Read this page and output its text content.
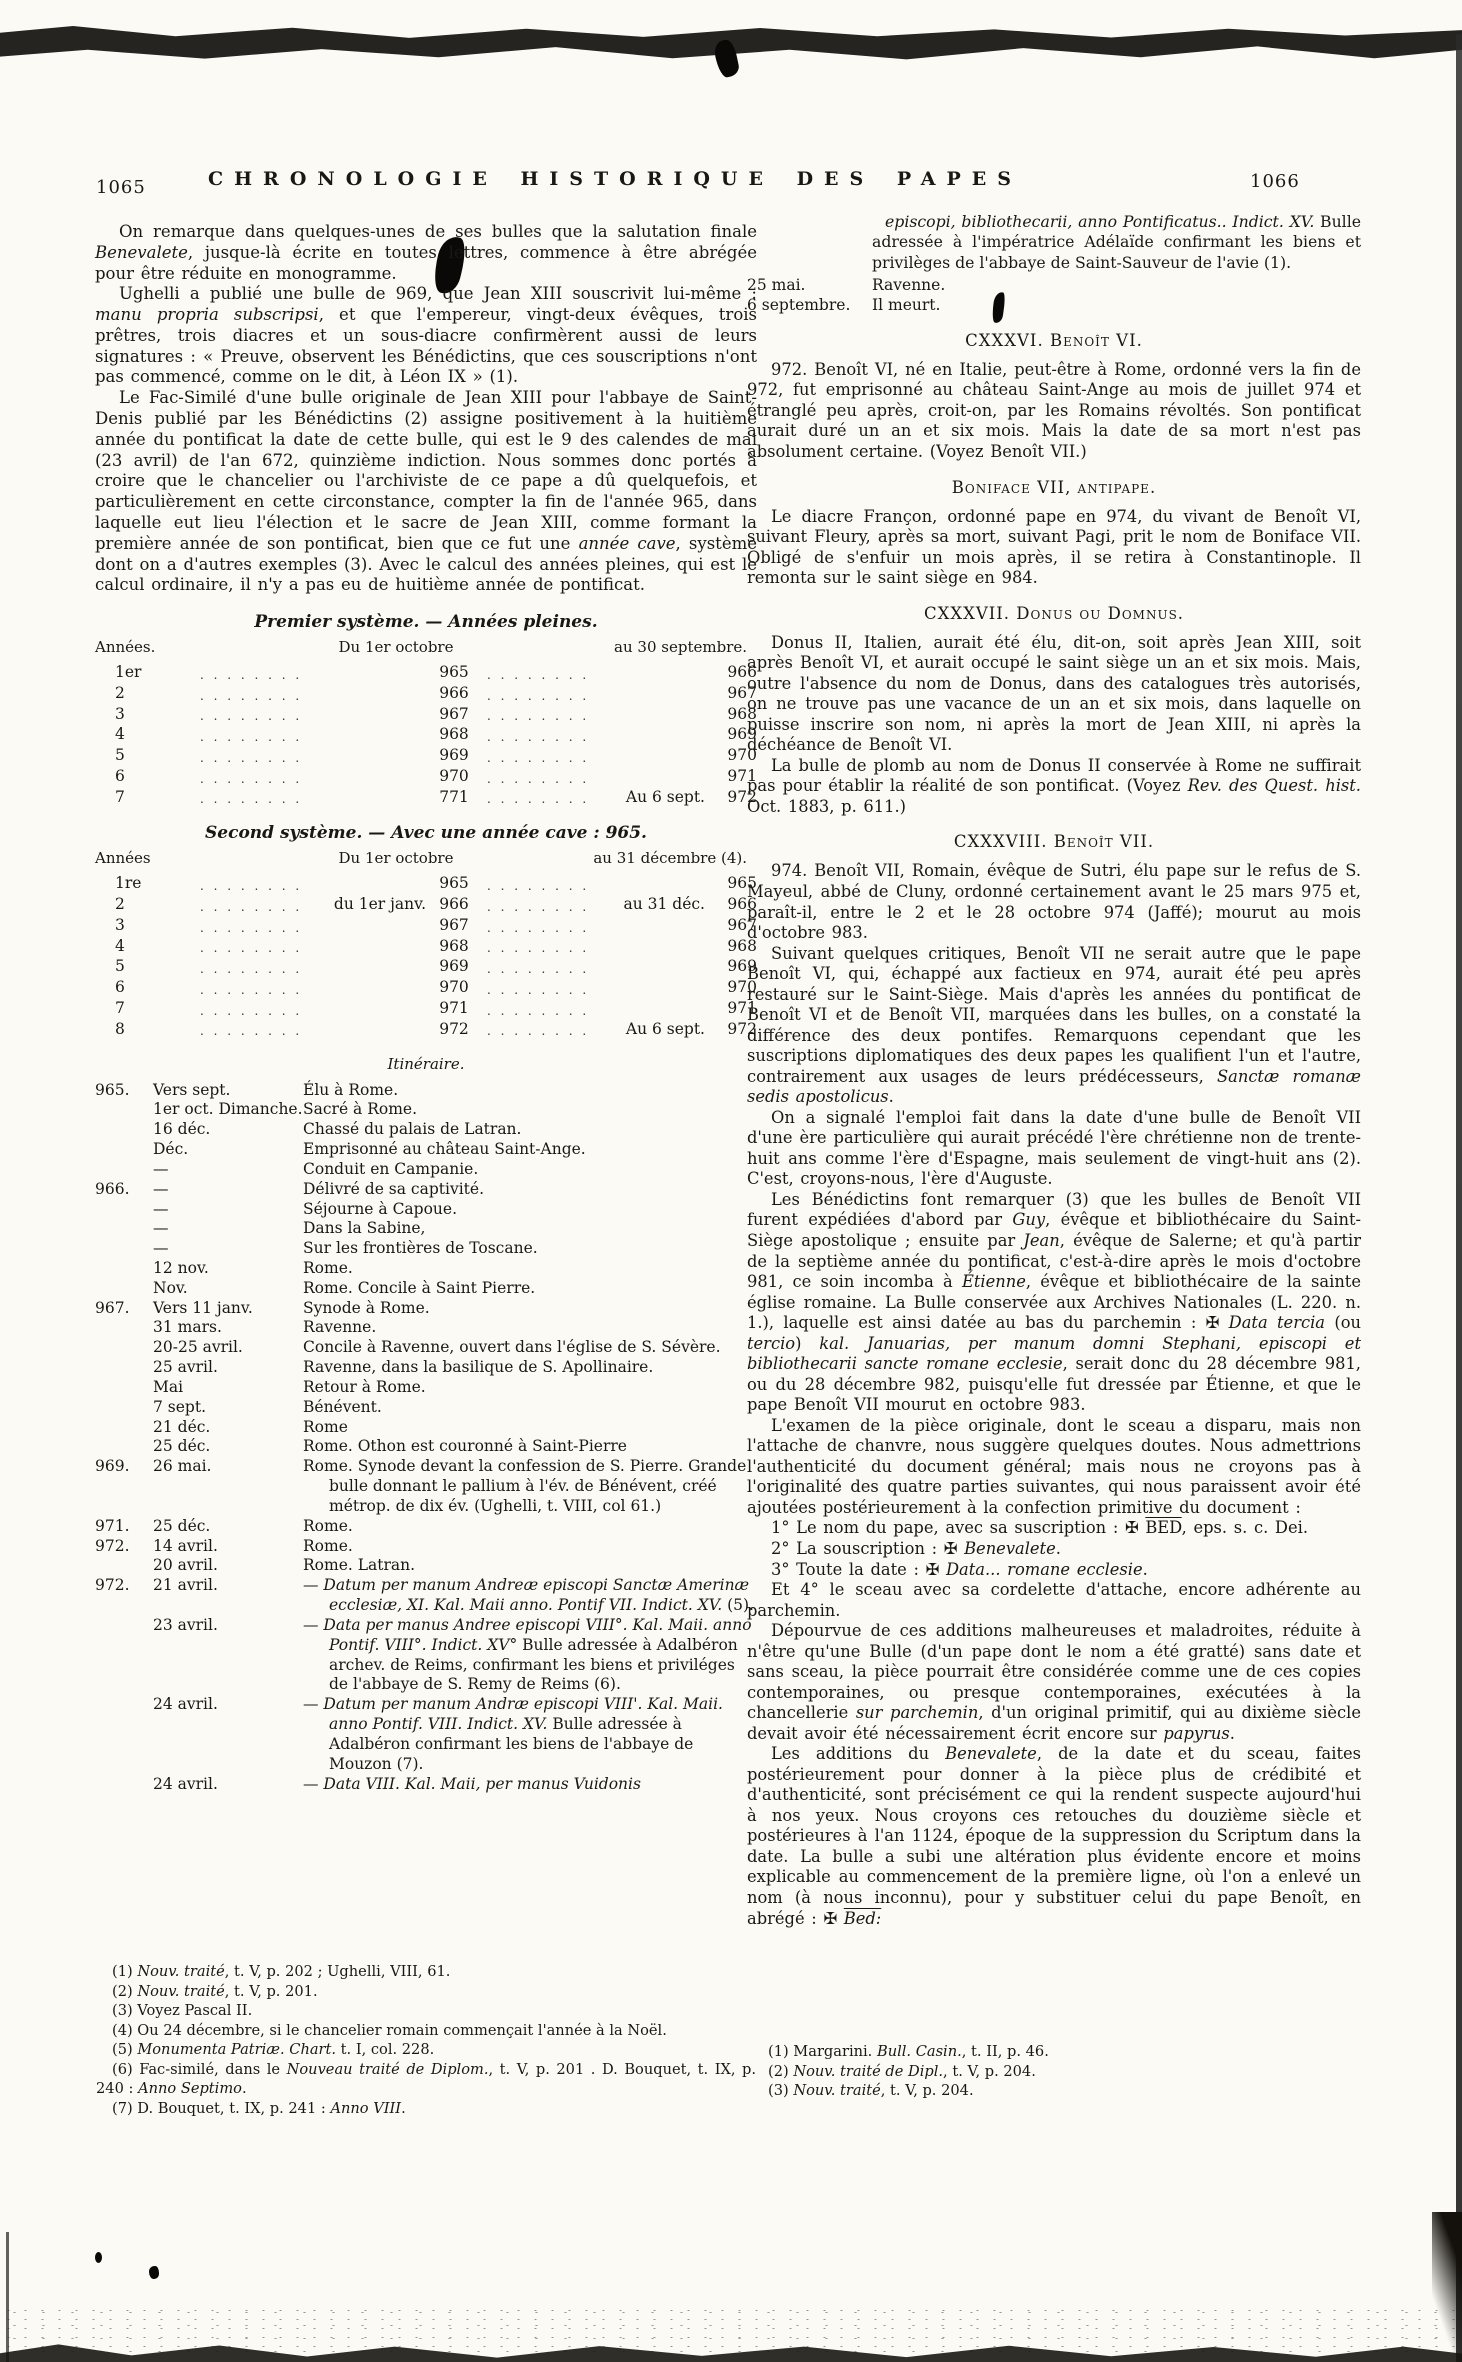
1065	CHRONOLOGIE HISTORIQUE DES PAPES	1066

On remarque dans quelques-unes de ses bulles que la salutation finale Benevalete, jusque-là écrite en toutes lettres, commence à être abrégée pour être réduite en monogramme.

Ughelli a publié une bulle de 969, que Jean XIII souscrivit lui-même : manu propria subscripsi, et que l'empereur, vingt-deux évêques, trois prêtres, trois diacres et un sous-diacre confirmèrent aussi de leurs signatures : « Preuve, observent les Bénédictins, que ces souscriptions n'ont pas commencé, comme on le dit, à Léon IX » (1).

Le Fac-Similé d'une bulle originale de Jean XIII pour l'abbaye de Saint-Denis publié par les Bénédictins (2) assigne positivement à la huitième année du pontificat la date de cette bulle, qui est le 9 des calendes de mai (23 avril) de l'an 672, quinzième indiction. Nous sommes donc portés à croire que le chancelier ou l'archiviste de ce pape a dû quelquefois, et particulièrement en cette circonstance, compter la fin de l'année 965, dans laquelle eut lieu l'élection et le sacre de Jean XIII, comme formant la première année de son pontificat, bien que ce fut une année cave, système dont on a d'autres exemples (3). Avec le calcul des années pleines, qui est le calcul ordinaire, il n'y a pas eu de huitième année de pontificat.

Premier système. — Années pleines.
Années.	Du 1er octobre	au 30 septembre.
1er . . .	965 . . .	966
2 . . .	966 . . .	967
3 . . .	967 . . .	968
4 . . .	968 . . .	969
5 . . .	969 . . .	970
6 . . .	970 . . .	971
7 . . .	771 . . .	Au 6 sept.	972
Second système. — Avec une année cave : 965.
Années	Du 1er octobre	au 31 décembre (4).
1re . . .	965 . . .	965
2 . . .	du 1er janv. 966 . . .	au 31 déc.	966
3 . . .	967 . . .	967
4 . . .	968 . . .	968
5 . . .	969 . . .	969
6 . . .	970 . . .	970
7 . . .	971 . . .	971
8 . . .	972 . . .	Au 6 sept.	972
Itinéraire.
965.	Vers sept.	Élu à Rome.
1er oct. Dimanche. Sacré à Rome.
16 déc.	Chassé du palais de Latran.
Déc.	Emprisonné au château Saint-Ange.
—	Conduit en Campanie.
966.	—	Délivré de sa captivité.
—	Séjourne à Capoue.
—	Dans la Sabine,
—	Sur les frontières de Toscane.
12 nov.	Rome.
Nov.	Rome. Concile à Saint Pierre.
967.	Vers 11 janv.	Synode à Rome.
31 mars.	Ravenne.
20-25 avril.	Concile à Ravenne, ouvert dans l'église de S. Sévère.
25 avril.	Ravenne, dans la basilique de S. Apollinaire.
Mai	Retour à Rome.
7 sept.	Bénévent.
21 déc.	Rome
25 déc.	Rome. Othon est couronné à Saint-Pierre
969.	26 mai.	Rome. Synode devant la confession de S. Pierre. Grande bulle donnant le pallium à l'év. de Bénévent, créé métrop. de dix év. (Ughelli, t. VIII, col 61.)
971.	25 déc.	Rome.
972.	14 avril.	Rome.
20 avril.	Rome. Latran.
972.	21 avril.	— Datum per manum Andreæ episcopi Sanctæ Amerinæ ecclesiæ, XI. Kal. Maii anno. Pontif VII. Indict. XV. (5).
23 avril.	— Data per manus Andree episcopi VIII°. Kal. Maii. anno Pontif. VIII°. Indict. XV° Bulle adressée à Adalbéron archev. de Reims, confirmant les biens et priviléges de l'abbaye de S. Remy de Reims (6).
24 avril.	— Datum per manum Andræ episcopi VIII'. Kal. Maii. anno Pontif. VIII. Indict. XV. Bulle adressée à Adalbéron confirmant les biens de l'abbaye de Mouzon (7).
24 avril.	— Data VIII. Kal. Maii, per manus Vuidonis

episcopi, bibliothecarii, anno Pontificatus.. Indict. XV. Bulle adressée à l'impératrice Adélaïde confirmant les biens et privilèges de l'abbaye de Saint-Sauveur de l'avie (1).

25 mai.	Ravenne.
6 septembre.	Il meurt.
CXXXVI. Benoît VI.

972. Benoît VI, né en Italie, peut-être à Rome, ordonné vers la fin de 972, fut emprisonné au château Saint-Ange au mois de juillet 974 et étranglé peu après, croit-on, par les Romains révoltés. Son pontificat aurait duré un an et six mois. Mais la date de sa mort n'est pas absolument certaine. (Voyez Benoît VII.)

Boniface VII, antipape.

Le diacre Françon, ordonné pape en 974, du vivant de Benoît VI, suivant Fleury, après sa mort, suivant Pagi, prit le nom de Boniface VII. Obligé de s'enfuir un mois après, il se retira à Constantinople. Il remonta sur le saint siège en 984.

CXXXVII. Donus ou Domnus.

Donus II, Italien, aurait été élu, dit-on, soit après Jean XIII, soit après Benoît VI, et aurait occupé le saint siège un an et six mois. Mais, outre l'absence du nom de Donus, dans des catalogues très autorisés, on ne trouve pas une vacance de un an et six mois, dans laquelle on puisse inscrire son nom, ni après la mort de Jean XIII, ni après la déchéance de Benoît VI.

La bulle de plomb au nom de Donus II conservée à Rome ne suffirait pas pour établir la réalité de son pontificat. (Voyez Rev. des Quest. hist. Oct. 1883, p. 611.)

CXXXVIII. Benoît VII.

974. Benoît VII, Romain, évêque de Sutri, élu pape sur le refus de S. Mayeul, abbé de Cluny, ordonné certainement avant le 25 mars 975 et, paraît-il, entre le 2 et le 28 octobre 974 (Jaffé); mourut au mois d'octobre 983.

Suivant quelques critiques, Benoît VII ne serait autre que le pape Benoît VI, qui, échappé aux factieux en 974, aurait été peu après restauré sur le Saint-Siège. Mais d'après les années du pontificat de Benoît VI et de Benoît VII, marquées dans les bulles, on a constaté la différence des deux pontifes. Remarquons cependant que les suscriptions diplomatiques des deux papes les qualifient l'un et l'autre, contrairement aux usages de leurs prédécesseurs, Sanctæ romanæ sedis apostolicus.

On a signalé l'emploi fait dans la date d'une bulle de Benoît VII d'une ère particulière qui aurait précédé l'ère chrétienne non de trente-huit ans comme l'ère d'Espagne, mais seulement de vingt-huit ans (2). C'est, croyons-nous, l'ère d'Auguste.

Les Bénédictins font remarquer (3) que les bulles de Benoît VII furent expédiées d'abord par Guy, évêque et bibliothécaire du Saint-Siège apostolique ; ensuite par Jean, évêque de Salerne; et qu'à partir de la septième année du pontificat, c'est-à-dire après le mois d'octobre 981, ce soin incomba à Étienne, évêque et bibliothécaire de la sainte église romaine. La Bulle conservée aux Archives Nationales (L. 220. n. 1.), laquelle est ainsi datée au bas du parchemin : ✠ Data tercia (ou tercio) kal. Januarias, per manum domni Stephani, episcopi et bibliothecarii sancte romane ecclesie, serait donc du 28 décembre 981, ou du 28 décembre 982, puisqu'elle fut dressée par Étienne, et que le pape Benoît VII mourut en octobre 983.

L'examen de la pièce originale, dont le sceau a disparu, mais non l'attache de chanvre, nous suggère quelques doutes. Nous admettrions l'authenticité du document général; mais nous ne croyons pas à l'originalité des quatre parties suivantes, qui nous paraissent avoir été ajoutées postérieurement à la confection primitive du document :

1° Le nom du pape, avec sa suscription : ✠ $\overline{BED}$, eps. s. c. Dei.

2° La souscription : ✠ Benevalete.

3° Toute la date : ✠ Data... romane ecclesie.

Et 4° le sceau avec sa cordelette d'attache, encore adhérente au parchemin.

Dépourvue de ces additions malheureuses et maladroites, réduite à n'être qu'une Bulle (d'un pape dont le nom a été gratté) sans date et sans sceau, la pièce pourrait être considérée comme une de ces copies contemporaines, ou presque contemporaines, exécutées à la chancellerie sur parchemin, d'un original primitif, qui au dixième siècle devait avoir été nécessairement écrit encore sur papyrus.

Les additions du Benevalete, de la date et du sceau, faites postérieurement pour donner à la pièce plus de crédibité et d'authenticité, sont précisément ce qui la rendent suspecte aujourd'hui à nos yeux. Nous croyons ces retouches du douzième siècle et postérieures à l'an 1124, époque de la suppression du Scriptum dans la date. La bulle a subi une altération plus évidente encore et moins explicable au commencement de la première ligne, où l'on a enlevé un nom (à nous inconnu), pour y substituer celui du pape Benoît, en abrégé : ✠ Bed:

(1) Nouv. traité, t. V, p. 202 ; Ughelli, VIII, 61.

(2) Nouv. traité, t. V, p. 201.

(3) Voyez Pascal II.

(4) Ou 24 décembre, si le chancelier romain commençait l'année à la Noël.

(5) Monumenta Patriæ. Chart. t. I, col. 228.

(6) Fac-similé, dans le Nouveau traité de Diplom., t. V, p. 201 . D. Bouquet, t. IX, p. 240 : Anno Septimo.

(7) D. Bouquet, t. IX, p. 241 : Anno VIII.

(1) Margarini. Bull. Casin., t. II, p. 46.

(2) Nouv. traité de Dipl., t. V, p. 204.

(3) Nouv. traité, t. V, p. 204.
